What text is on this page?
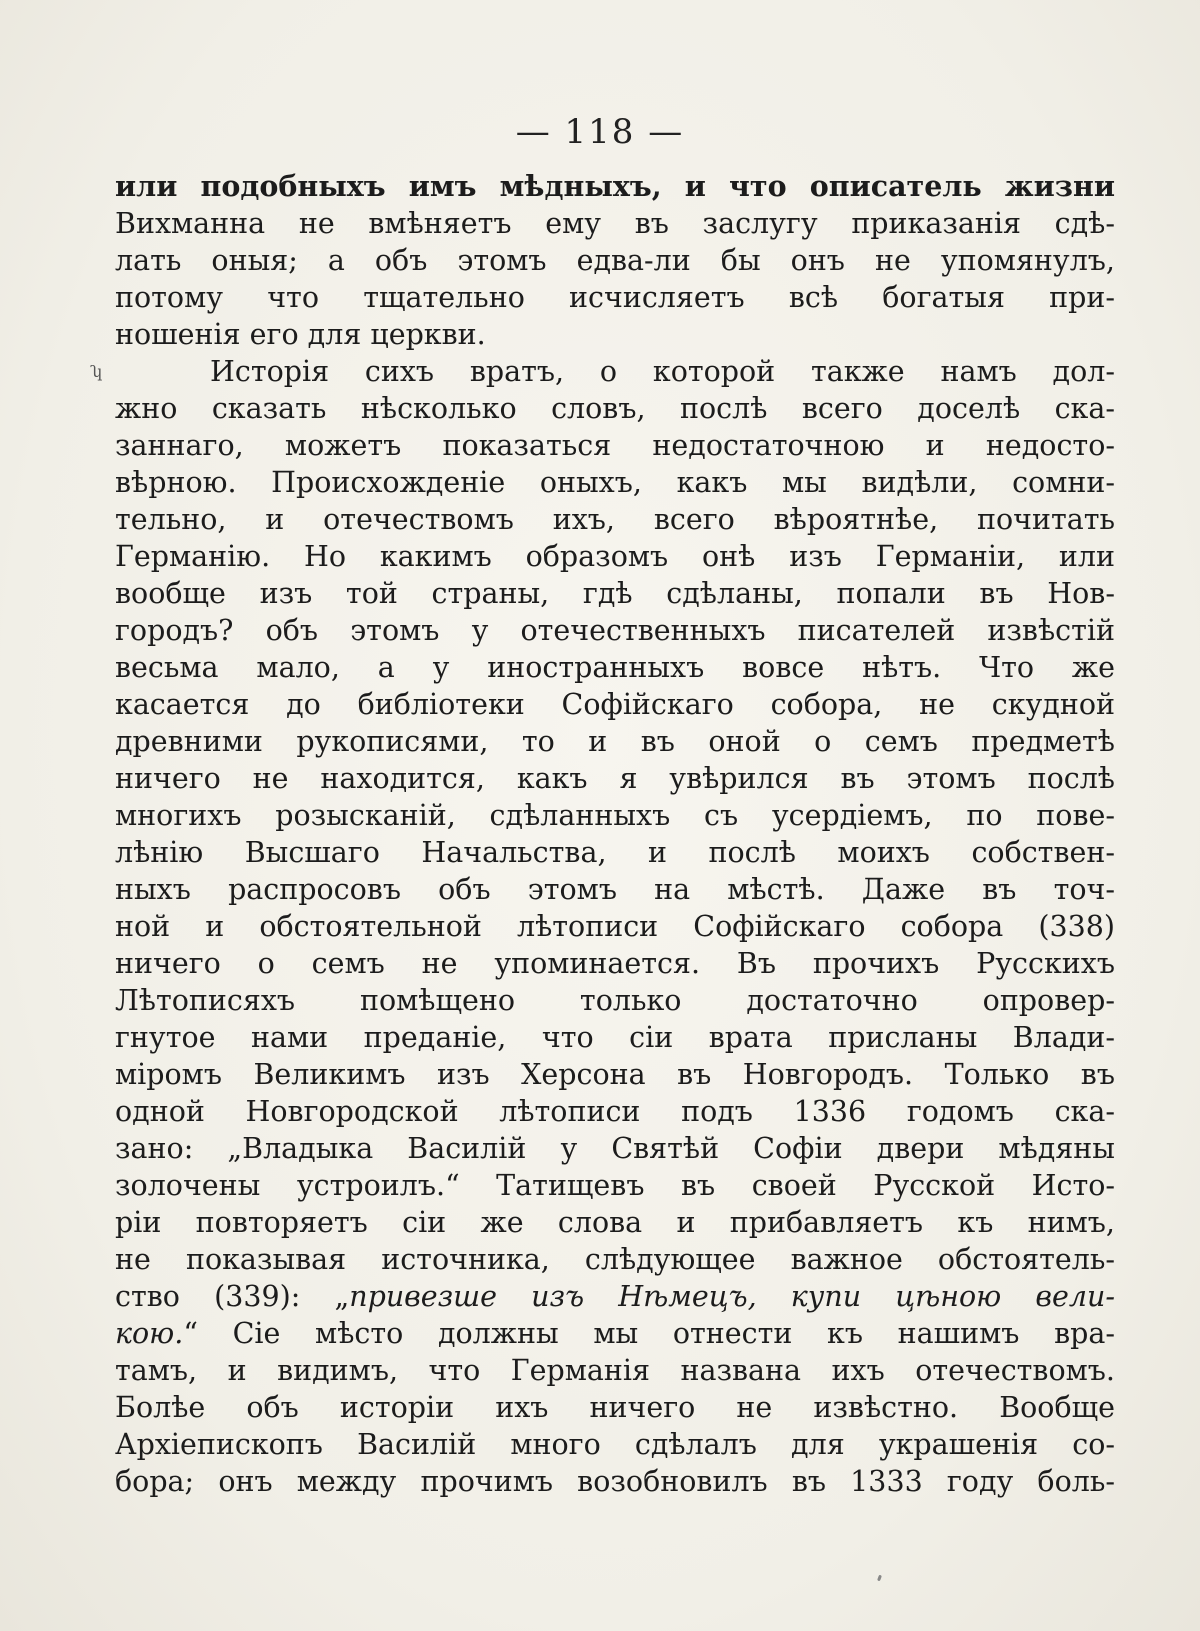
— 118 —
ʮ
или подобныхъ имъ мѣдныхъ, и что описатель жизни
Вихманна не вмѣняетъ ему въ заслугу приказанія сдѣ-
лать оныя; а объ этомъ едва-ли бы онъ не упомянулъ,
потому что тщательно исчисляетъ всѣ богатыя при-
ношенія его для церкви.
Исторія сихъ вратъ, о которой также намъ дол-
жно сказать нѣсколько словъ, послѣ всего доселѣ ска-
заннаго, можетъ показаться недостаточною и недосто-
вѣрною. Происхожденіе оныхъ, какъ мы видѣли, сомни-
тельно, и отечествомъ ихъ, всего вѣроятнѣе, почитать
Германію. Но какимъ образомъ онѣ изъ Германіи, или
вообще изъ той страны, гдѣ сдѣланы, попали въ Нов-
городъ? объ этомъ у отечественныхъ писателей извѣстій
весьма мало, а у иностранныхъ вовсе нѣтъ. Что же
касается до библіотеки Софійскаго собора, не скудной
древними рукописями, то и въ оной о семъ предметѣ
ничего не находится, какъ я увѣрился въ этомъ послѣ
многихъ розысканій, сдѣланныхъ съ усердіемъ, по пове-
лѣнію Высшаго Начальства, и послѣ моихъ собствен-
ныхъ распросовъ объ этомъ на мѣстѣ. Даже въ точ-
ной и обстоятельной лѣтописи Софійскаго собора (338)
ничего о семъ не упоминается. Въ прочихъ Русскихъ
Лѣтописяхъ помѣщено только достаточно опровер-
гнутое нами преданіе, что сіи врата присланы Влади-
міромъ Великимъ изъ Херсона въ Новгородъ. Только въ
одной Новгородской лѣтописи подъ 1336 годомъ ска-
зано: „Владыка Василій у Святѣй Софіи двери мѣдяны
золочены устроилъ.“ Татищевъ въ своей Русской Исто-
ріи повторяетъ сіи же слова и прибавляетъ къ нимъ,
не показывая источника, слѣдующее важное обстоятель-
ство (339): „привезше изъ Нѣмецъ, купи цѣною вели-
кою.“ Сіе мѣсто должны мы отнести къ нашимъ вра-
тамъ, и видимъ, что Германія названа ихъ отечествомъ.
Болѣе объ исторіи ихъ ничего не извѣстно. Вообще
Архіепископъ Василій много сдѣлалъ для украшенія со-
бора; онъ между прочимъ возобновилъ въ 1333 году боль-
